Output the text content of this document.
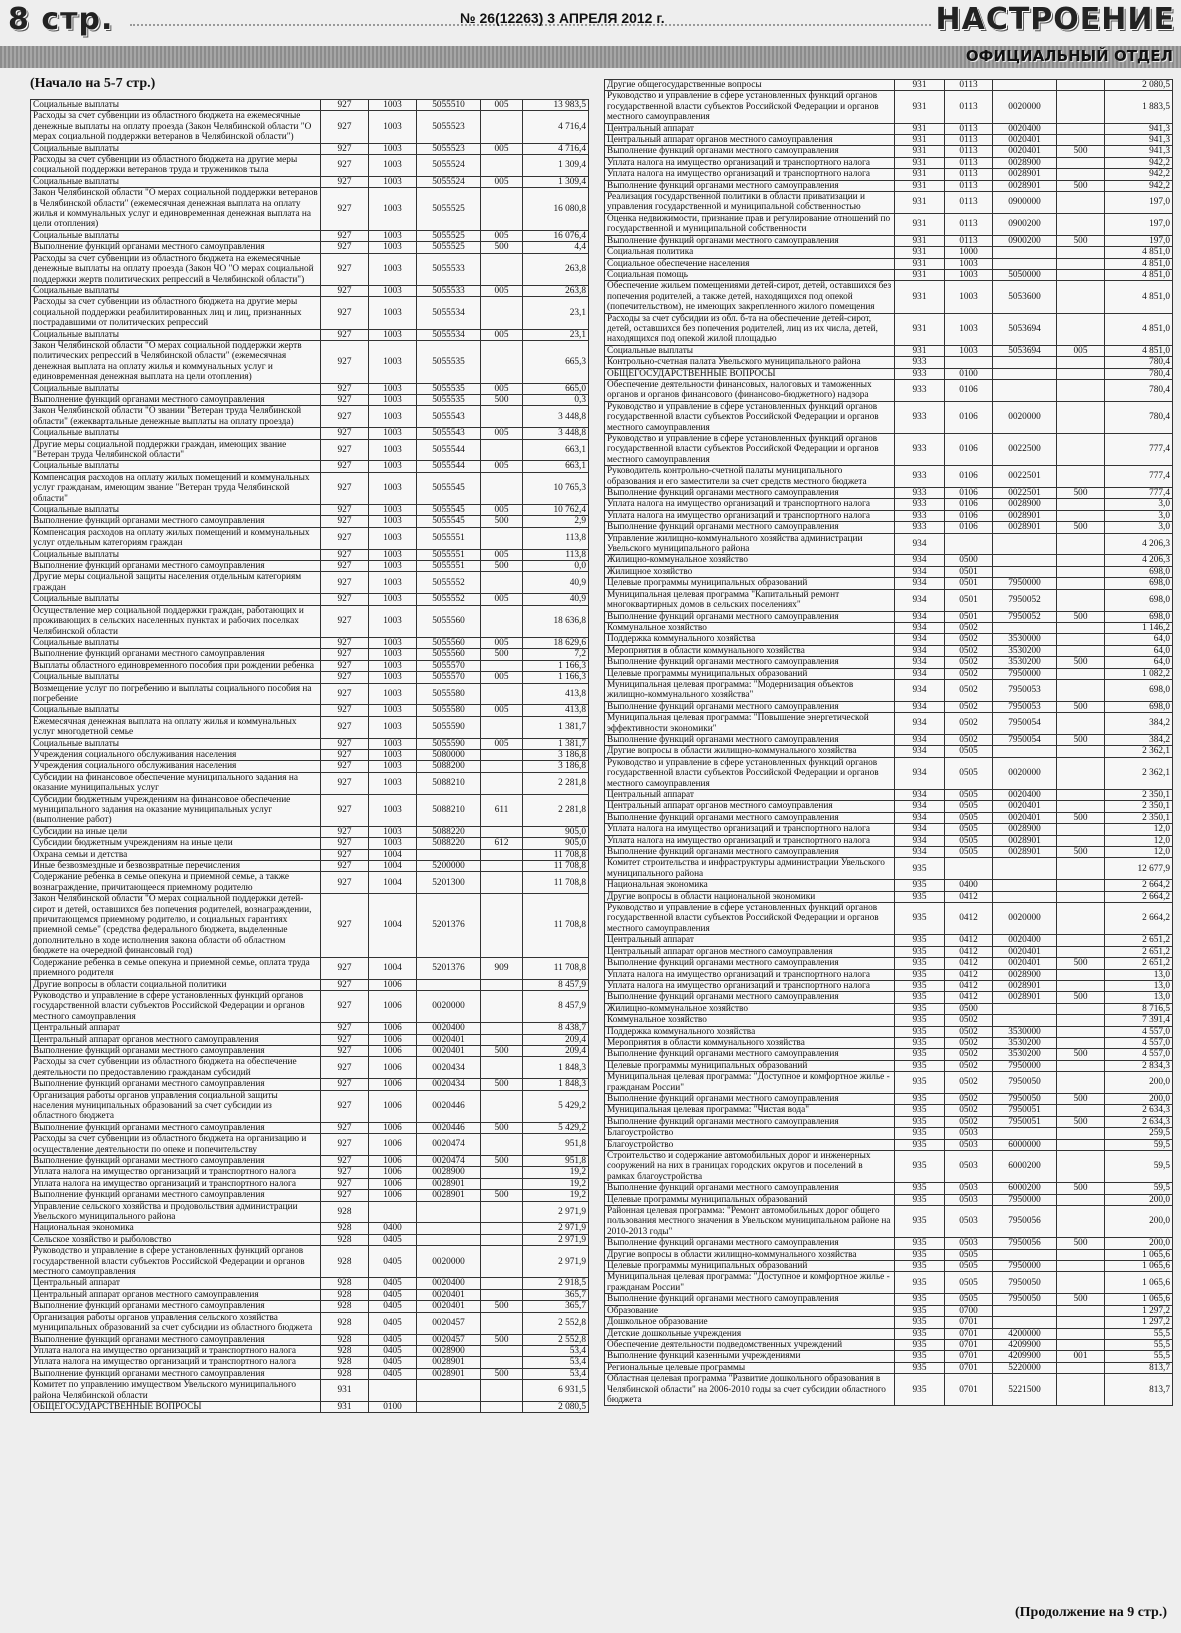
8 стр.	№ 26(12263) 3 АПРЕЛЯ 2012 г.	НАСТРОЕНИЕ
ОФИЦИАЛЬНЫЙ ОТДЕЛ
(Начало на 5-7 стр.)
Социальные выплаты	927	1003	5055510	005	13 983,5
Расходы за счет субвенции из областного бюджета на ежемесячные денежные выплаты на оплату проезда (Закон Челябинской области "О мерах социальной поддержки ветеранов в Челябинской области")	927	1003	5055523		4 716,4
Социальные выплаты	927	1003	5055523	005	4 716,4
Расходы за счет субвенции из областного бюджета на другие меры социальной поддержки ветеранов труда и тружеников тыла	927	1003	5055524		1 309,4
Социальные выплаты	927	1003	5055524	005	1 309,4
Закон Челябинской области "О мерах социальной поддержки ветеранов в Челябинской области" (ежемесячная денежная выплата на оплату жилья и коммунальных услуг и единовременная денежная выплата на цели отопления)	927	1003	5055525		16 080,8
Социальные выплаты	927	1003	5055525	005	16 076,4
Выполнение функций органами местного самоуправления	927	1003	5055525	500	4,4
Расходы за счет субвенции из областного бюджета на ежемесячные денежные выплаты на оплату проезда (Закон ЧО "О мерах социальной поддержки жертв политических репрессий в Челябинской области")	927	1003	5055533		263,8
Социальные выплаты	927	1003	5055533	005	263,8
Расходы за счет субвенции из областного бюджета на другие меры социальной поддержки реабилитированных лиц и лиц, признанных пострадавшими от политических репрессий	927	1003	5055534		23,1
Социальные выплаты	927	1003	5055534	005	23,1
Закон Челябинской области "О мерах социальной поддержки жертв политических репрессий в Челябинской области" (ежемесячная денежная выплата на оплату жилья и коммунальных услуг и единовременная денежная выплата на цели отопления)	927	1003	5055535		665,3
Социальные выплаты	927	1003	5055535	005	665,0
Выполнение функций органами местного самоуправления	927	1003	5055535	500	0,3
Закон Челябинской области "О звании "Ветеран труда Челябинской области" (ежеквартальные денежные выплаты на оплату проезда)	927	1003	5055543		3 448,8
Социальные выплаты	927	1003	5055543	005	3 448,8
Другие меры социальной поддержки граждан, имеющих звание "Ветеран труда Челябинской области"	927	1003	5055544		663,1
Социальные выплаты	927	1003	5055544	005	663,1
Компенсация расходов на оплату жилых помещений и коммунальных услуг гражданам, имеющим звание "Ветеран труда Челябинской области"	927	1003	5055545		10 765,3
Социальные выплаты	927	1003	5055545	005	10 762,4
Выполнение функций органами местного самоуправления	927	1003	5055545	500	2,9
Компенсация расходов на оплату жилых помещений и коммунальных услуг отдельным категориям граждан	927	1003	5055551		113,8
Социальные выплаты	927	1003	5055551	005	113,8
Выполнение функций органами местного самоуправления	927	1003	5055551	500	0,0
Другие меры социальной защиты населения отдельным категориям граждан	927	1003	5055552		40,9
Социальные выплаты	927	1003	5055552	005	40,9
Осуществление мер социальной поддержки граждан, работающих и проживающих в сельских населенных пунктах и рабочих поселках Челябинской области	927	1003	5055560		18 636,8
Социальные выплаты	927	1003	5055560	005	18 629,6
Выполнение функций органами местного самоуправления	927	1003	5055560	500	7,2
Выплаты областного единовременного пособия при рождении ребенка	927	1003	5055570		1 166,3
Социальные выплаты	927	1003	5055570	005	1 166,3
Возмещение услуг по погребению и выплаты социального пособия на погребение	927	1003	5055580		413,8
Социальные выплаты	927	1003	5055580	005	413,8
Ежемесячная денежная выплата на оплату жилья и коммунальных услуг многодетной семье	927	1003	5055590		1 381,7
Социальные выплаты	927	1003	5055590	005	1 381,7
Учреждения социального обслуживания населения	927	1003	5080000		3 186,8
Учреждения социального обслуживания населения	927	1003	5088200		3 186,8
Субсидии на финансовое обеспечение муниципального задания на оказание муниципальных услуг	927	1003	5088210		2 281,8
Субсидии бюджетным учреждениям на финансовое обеспечение муниципального задания на оказание муниципальных услуг (выполнение работ)	927	1003	5088210	611	2 281,8
Субсидии на иные цели	927	1003	5088220		905,0
Субсидии бюджетным учреждениям на иные цели	927	1003	5088220	612	905,0
Охрана семьи и детства	927	1004			11 708,8
Иные безвозмездные и безвозвратные перечисления	927	1004	5200000		11 708,8
Содержание ребенка в семье опекуна и приемной семье, а также вознаграждение, причитающееся приемному родителю	927	1004	5201300		11 708,8
Закон Челябинской области "О мерах социальной поддержки детей-сирот и детей, оставшихся без попечения родителей, вознаграждении, причитающемся приемному родителю, и социальных гарантиях приемной семье" (средства федерального бюджета, выделенные дополнительно в ходе исполнения закона области об областном бюджете на очередной финансовый год)	927	1004	5201376		11 708,8
Содержание ребенка в семье опекуна и приемной семье, оплата труда приемного родителя	927	1004	5201376	909	11 708,8
Другие вопросы в области социальной политики	927	1006			8 457,9
Руководство и управление в сфере установленных функций органов государственной власти субъектов Российской Федерации и органов местного самоуправления	927	1006	0020000		8 457,9
Центральный аппарат	927	1006	0020400		8 438,7
Центральный аппарат органов местного самоуправления	927	1006	0020401		209,4
Выполнение функций органами местного самоуправления	927	1006	0020401	500	209,4
Расходы за счет субвенции из областного бюджета на обеспечение деятельности по предоставлению гражданам субсидий	927	1006	0020434		1 848,3
Выполнение функций органами местного самоуправления	927	1006	0020434	500	1 848,3
Организация работы органов управления социальной защиты населения муниципальных образований за счет субсидии из областного бюджета	927	1006	0020446		5 429,2
Выполнение функций органами местного самоуправления	927	1006	0020446	500	5 429,2
Расходы за счет субвенции из областного бюджета на организацию и осуществление деятельности по опеке и попечительству	927	1006	0020474		951,8
Выполнение функций органами местного самоуправления	927	1006	0020474	500	951,8
Уплата налога на имущество организаций и транспортного налога	927	1006	0028900		19,2
Уплата налога на имущество организаций и транспортного налога	927	1006	0028901		19,2
Выполнение функций органами местного самоуправления	927	1006	0028901	500	19,2
Управление сельского хозяйства и продовольствия администрации Увельского муниципального района	928				2 971,9
Национальная экономика	928	0400			2 971,9
Сельское хозяйство и рыболовство	928	0405			2 971,9
Руководство и управление в сфере установленных функций органов государственной власти субъектов Российской Федерации и органов местного самоуправления	928	0405	0020000		2 971,9
Центральный аппарат	928	0405	0020400		2 918,5
Центральный аппарат органов местного самоуправления	928	0405	0020401		365,7
Выполнение функций органами местного самоуправления	928	0405	0020401	500	365,7
Организация работы органов управления сельского хозяйства муниципальных образований за счет субсидии из областного бюджета	928	0405	0020457		2 552,8
Выполнение функций органами местного самоуправления	928	0405	0020457	500	2 552,8
Уплата налога на имущество организаций и транспортного налога	928	0405	0028900		53,4
Уплата налога на имущество организаций и транспортного налога	928	0405	0028901		53,4
Выполнение функций органами местного самоуправления	928	0405	0028901	500	53,4
Комитет по управлению имуществом Увельского муниципального района Челябинской области	931				6 931,5
ОБЩЕГОСУДАРСТВЕННЫЕ ВОПРОСЫ	931	0100			2 080,5
Другие общегосударственные вопросы	931	0113			2 080,5
Руководство и управление в сфере установленных функций органов государственной власти субъектов Российской Федерации и органов местного самоуправления	931	0113	0020000		1 883,5
Центральный аппарат	931	0113	0020400		941,3
Центральный аппарат органов местного самоуправления	931	0113	0020401		941,3
Выполнение функций органами местного самоуправления	931	0113	0020401	500	941,3
Уплата налога на имущество организаций и транспортного налога	931	0113	0028900		942,2
Уплата налога на имущество организаций и транспортного налога	931	0113	0028901		942,2
Выполнение функций органами местного самоуправления	931	0113	0028901	500	942,2
Реализация государственной политики в области приватизации и управления государственной и муниципальной собственностью	931	0113	0900000		197,0
Оценка недвижимости, признание прав и регулирование отношений по государственной и муниципальной собственности	931	0113	0900200		197,0
Выполнение функций органами местного самоуправления	931	0113	0900200	500	197,0
Социальная политика	931	1000			4 851,0
Социальное обеспечение населения	931	1003			4 851,0
Социальная помощь	931	1003	5050000		4 851,0
Обеспечение жильем помещениями детей-сирот, детей, оставшихся без попечения родителей, а также детей, находящихся под опекой (попечительством), не имеющих закрепленного жилого помещения	931	1003	5053600		4 851,0
Расходы за счет субсидии из обл. б-та на обеспечение детей-сирот, детей, оставшихся без попечения родителей, лиц из их числа, детей, находящихся под опекой жилой площадью	931	1003	5053694		4 851,0
Социальные выплаты	931	1003	5053694	005	4 851,0
Контрольно-счетная палата Увельского муниципального района	933				780,4
ОБЩЕГОСУДАРСТВЕННЫЕ ВОПРОСЫ	933	0100			780,4
Обеспечение деятельности финансовых, налоговых и таможенных органов и органов финансового (финансово-бюджетного) надзора	933	0106			780,4
Руководство и управление в сфере установленных функций органов государственной власти субъектов Российской Федерации и органов местного самоуправления	933	0106	0020000		780,4
Руководство и управление в сфере установленных функций органов государственной власти субъектов Российской Федерации и органов местного самоуправления	933	0106	0022500		777,4
Руководитель контрольно-счетной палаты муниципального образования и его заместители за счет средств местного бюджета	933	0106	0022501		777,4
Выполнение функций органами местного самоуправления	933	0106	0022501	500	777,4
Уплата налога на имущество организаций и транспортного налога	933	0106	0028900		3,0
Уплата налога на имущество организаций и транспортного налога	933	0106	0028901		3,0
Выполнение функций органами местного самоуправления	933	0106	0028901	500	3,0
Управление жилищно-коммунального хозяйства администрации Увельского муниципального района	934				4 206,3
Жилищно-коммунальное хозяйство	934	0500			4 206,3
Жилищное хозяйство	934	0501			698,0
Целевые программы муниципальных образований	934	0501	7950000		698,0
Муниципальная целевая программа "Капитальный ремонт многоквартирных домов в сельских поселениях"	934	0501	7950052		698,0
Выполнение функций органами местного самоуправления	934	0501	7950052	500	698,0
Коммунальное хозяйство	934	0502			1 146,2
Поддержка коммунального хозяйства	934	0502	3530000		64,0
Мероприятия в области коммунального хозяйства	934	0502	3530200		64,0
Выполнение функций органами местного самоуправления	934	0502	3530200	500	64,0
Целевые программы муниципальных образований	934	0502	7950000		1 082,2
Муниципальная целевая программа: "Модернизация объектов жилищно-коммунального хозяйства"	934	0502	7950053		698,0
Выполнение функций органами местного самоуправления	934	0502	7950053	500	698,0
Муниципальная целевая программа: "Повышение энергетической эффективности экономики"	934	0502	7950054		384,2
Выполнение функций органами местного самоуправления	934	0502	7950054	500	384,2
Другие вопросы в области жилищно-коммунального хозяйства	934	0505			2 362,1
Руководство и управление в сфере установленных функций органов государственной власти субъектов Российской Федерации и органов местного самоуправления	934	0505	0020000		2 362,1
Центральный аппарат	934	0505	0020400		2 350,1
Центральный аппарат органов местного самоуправления	934	0505	0020401		2 350,1
Выполнение функций органами местного самоуправления	934	0505	0020401	500	2 350,1
Уплата налога на имущество организаций и транспортного налога	934	0505	0028900		12,0
Уплата налога на имущество организаций и транспортного налога	934	0505	0028901		12,0
Выполнение функций органами местного самоуправления	934	0505	0028901	500	12,0
Комитет строительства и инфраструктуры администрации Увельского муниципального района	935				12 677,9
Национальная экономика	935	0400			2 664,2
Другие вопросы в области национальной экономики	935	0412			2 664,2
Руководство и управление в сфере установленных функций органов государственной власти субъектов Российской Федерации и органов местного самоуправления	935	0412	0020000		2 664,2
Центральный аппарат	935	0412	0020400		2 651,2
Центральный аппарат органов местного самоуправления	935	0412	0020401		2 651,2
Выполнение функций органами местного самоуправления	935	0412	0020401	500	2 651,2
Уплата налога на имущество организаций и транспортного налога	935	0412	0028900		13,0
Уплата налога на имущество организаций и транспортного налога	935	0412	0028901		13,0
Выполнение функций органами местного самоуправления	935	0412	0028901	500	13,0
Жилищно-коммунальное хозяйство	935	0500			8 716,5
Коммунальное хозяйство	935	0502			7 391,4
Поддержка коммунального хозяйства	935	0502	3530000		4 557,0
Мероприятия в области коммунального хозяйства	935	0502	3530200		4 557,0
Выполнение функций органами местного самоуправления	935	0502	3530200	500	4 557,0
Целевые программы муниципальных образований	935	0502	7950000		2 834,3
Муниципальная целевая программа: "Доступное и комфортное жилье - гражданам России"	935	0502	7950050		200,0
Выполнение функций органами местного самоуправления	935	0502	7950050	500	200,0
Муниципальная целевая программа: "Чистая вода"	935	0502	7950051		2 634,3
Выполнение функций органами местного самоуправления	935	0502	7950051	500	2 634,3
Благоустройство	935	0503			259,5
Благоустройство	935	0503	6000000		59,5
Строительство и содержание автомобильных дорог и инженерных сооружений на них в границах городских округов и поселений в рамках благоустройства	935	0503	6000200		59,5
Выполнение функций органами местного самоуправления	935	0503	6000200	500	59,5
Целевые программы муниципальных образований	935	0503	7950000		200,0
Районная целевая программа: "Ремонт автомобильных дорог общего пользования местного значения в Увельском муниципальном районе на 2010-2013 годы"	935	0503	7950056		200,0
Выполнение функций органами местного самоуправления	935	0503	7950056	500	200,0
Другие вопросы в области жилищно-коммунального хозяйства	935	0505			1 065,6
Целевые программы муниципальных образований	935	0505	7950000		1 065,6
Муниципальная целевая программа: "Доступное и комфортное жилье - гражданам России"	935	0505	7950050		1 065,6
Выполнение функций органами местного самоуправления	935	0505	7950050	500	1 065,6
Образование	935	0700			1 297,2
Дошкольное образование	935	0701			1 297,2
Детские дошкольные учреждения	935	0701	4200000		55,5
Обеспечение деятельности подведомственных учреждений	935	0701	4209900		55,5
Выполнение функций казенными учреждениями	935	0701	4209900	001	55,5
Региональные целевые программы	935	0701	5220000		813,7
Областная целевая программа "Развитие дошкольного образования в Челябинской области" на 2006-2010 годы за счет субсидии областного бюджета	935	0701	5221500		813,7
(Продолжение на 9 стр.)
